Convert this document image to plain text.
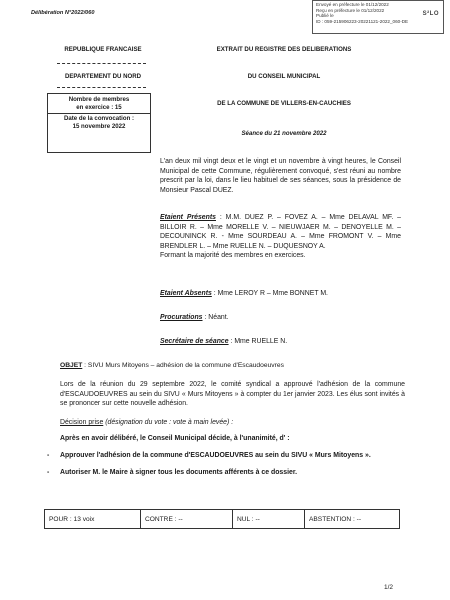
Envoyé en préfecture le 01/12/2022
Reçu en préfecture le 01/12/2022
Publié le
ID : 059-215906223-20221121-2022_060-DE
S²LO
Délibération N°2022/060
REPUBLIQUE FRANCAISE
DEPARTEMENT DU NORD
Nombre de membres
en exercice : 15
Date de la convocation :
15 novembre 2022
EXTRAIT DU REGISTRE DES DELIBERATIONS
DU CONSEIL MUNICIPAL
DE LA COMMUNE DE VILLERS-EN-CAUCHIES
Séance du 21 novembre 2022
L'an deux mil vingt deux et le vingt et un novembre à vingt heures, le Conseil Municipal de cette Commune, régulièrement convoqué, s'est réuni au nombre prescrit par la loi, dans le lieu habituel de ses séances, sous la présidence de Monsieur Pascal DUEZ.
Etaient Présents : M.M. DUEZ P. – FOVEZ A. – Mme DELAVAL MF. – BILLOIR R. – Mme MORELLE V. – NIEUWJAER M. – DENOYELLE M. – DECOUNINCK R. - Mme SOURDEAU A. – Mme FROMONT V. – Mme BRENDLER L. – Mme RUELLE N. – DUQUESNOY A.
Formant la majorité des membres en exercices.
Etaient Absents : Mme LEROY R – Mme BONNET M.
Procurations : Néant.
Secrétaire de séance : Mme RUELLE N.
OBJET : SIVU Murs Mitoyens – adhésion de la commune d'Escaudoeuvres
Lors de la réunion du 29 septembre 2022, le comité syndical a approuvé l'adhésion de la commune d'ESCAUDOEUVRES au sein du SIVU « Murs Mitoyens » à compter du 1er janvier 2023. Les élus sont invités à se prononcer sur cette nouvelle adhésion.
Décision prise (désignation du vote : vote à main levée) :
Après en avoir délibéré, le Conseil Municipal décide, à l'unanimité, d' :
- Approuver l'adhésion de la commune d'ESCAUDOEUVRES au sein du SIVU « Murs Mitoyens ».
- Autoriser M. le Maire à signer tous les documents afférents à ce dossier.
POUR : 13 voix	CONTRE : --	NUL : --	ABSTENTION : --
1/2
